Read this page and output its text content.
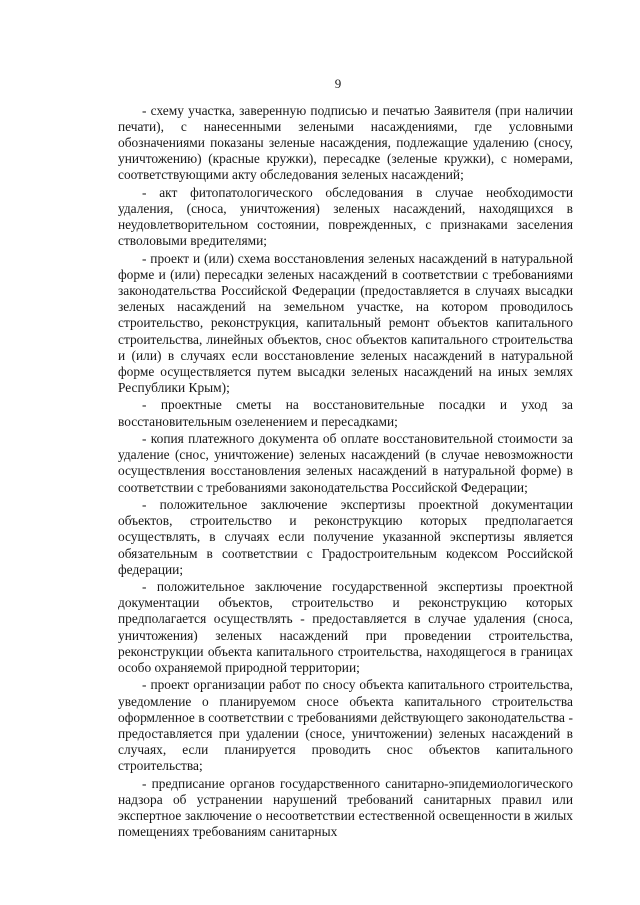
9

- схему участка, заверенную подписью и печатью Заявителя (при наличии печати), с нанесенными зелеными насаждениями, где условными обозначениями показаны зеленые насаждения, подлежащие удалению (сносу, уничтожению) (красные кружки), пересадке (зеленые кружки), с номерами, соответствующими акту обследования зеленых насаждений;

- акт фитопатологического обследования в случае необходимости удаления, (сноса, уничтожения) зеленых насаждений, находящихся в неудовлетворительном состоянии, поврежденных, с признаками заселения стволовыми вредителями;

- проект и (или) схема восстановления зеленых насаждений в натуральной форме и (или) пересадки зеленых насаждений в соответствии с требованиями законодательства Российской Федерации (предоставляется в случаях высадки зеленых насаждений на земельном участке, на котором проводилось строительство, реконструкция, капитальный ремонт объектов капитального строительства, линейных объектов, снос объектов капитального строительства и (или) в случаях если восстановление зеленых насаждений в натуральной форме осуществляется путем высадки зеленых насаждений на иных землях Республики Крым);

- проектные сметы на восстановительные посадки и уход за восстановительным озеленением и пересадками;

- копия платежного документа об оплате восстановительной стоимости за удаление (снос, уничтожение) зеленых насаждений (в случае невозможности осуществления восстановления зеленых насаждений в натуральной форме) в соответствии с требованиями законодательства Российской Федерации;

- положительное заключение экспертизы проектной документации объектов, строительство и реконструкцию которых предполагается осуществлять, в случаях если получение указанной экспертизы является обязательным в соответствии с Градостроительным кодексом Российской федерации;

- положительное заключение государственной экспертизы проектной документации объектов, строительство и реконструкцию которых предполагается осуществлять - предоставляется в случае удаления (сноса, уничтожения) зеленых насаждений при проведении строительства, реконструкции объекта капитального строительства, находящегося в границах особо охраняемой природной территории;

- проект организации работ по сносу объекта капитального строительства, уведомление о планируемом сносе объекта капитального строительства оформленное в соответствии с требованиями действующего законодательства - предоставляется при удалении (сносе, уничтожении) зеленых насаждений в случаях, если планируется проводить снос объектов капитального строительства;

- предписание органов государственного санитарно-эпидемиологического надзора об устранении нарушений требований санитарных правил или экспертное заключение о несоответствии естественной освещенности в жилых помещениях требованиям санитарных
